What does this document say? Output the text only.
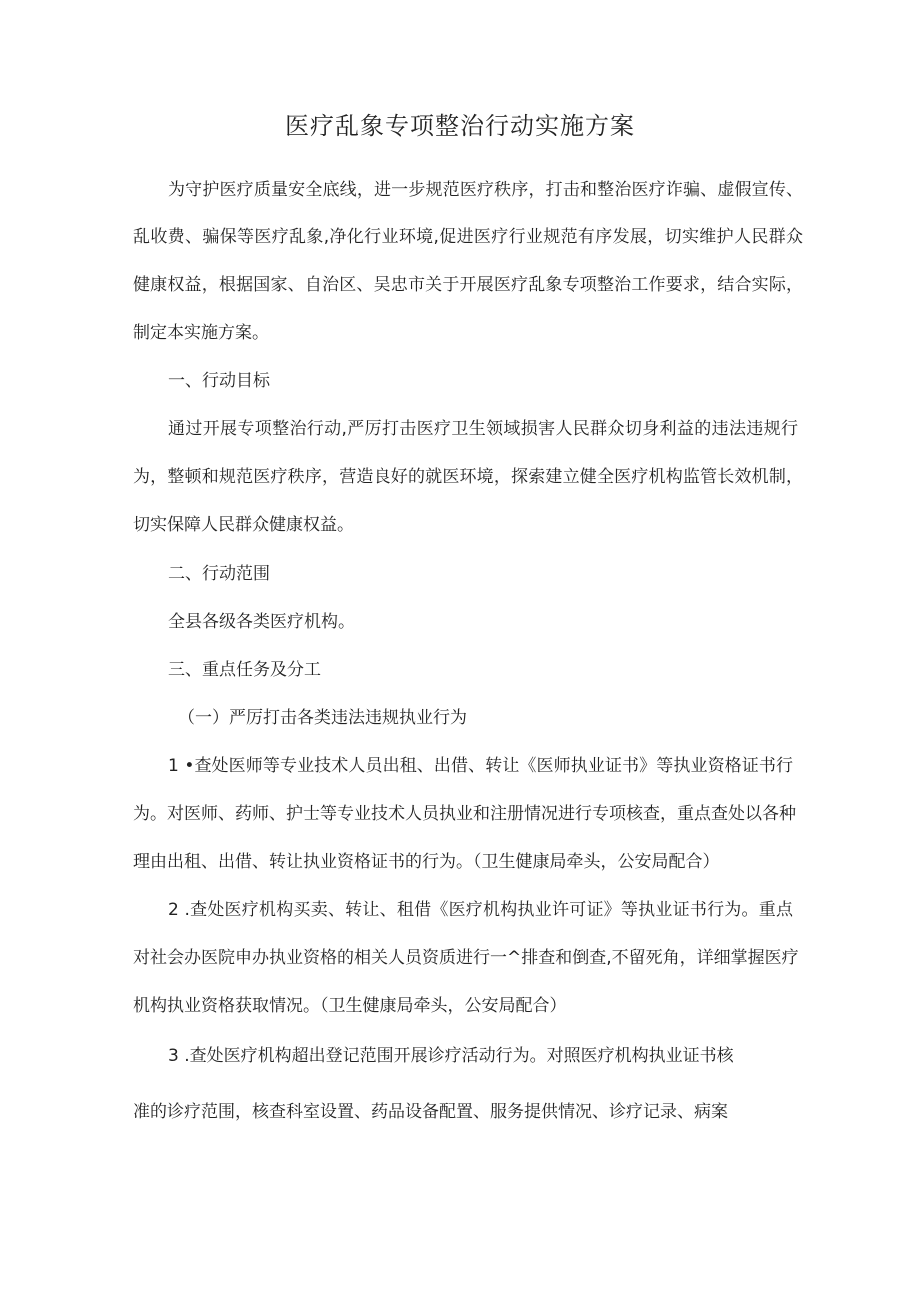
医疗乱象专项整治行动实施方案
为守护医疗质量安全底线，进一步规范医疗秩序，打击和整治医疗诈骗、虚假宣传、
乱收费、骗保等医疗乱象,净化行业环境,促进医疗行业规范有序发展，切实维护人民群众
健康权益，根据国家、自治区、吴忠市关于开展医疗乱象专项整治工作要求，结合实际，
制定本实施方案。
一、行动目标
通过开展专项整治行动,严厉打击医疗卫生领域损害人民群众切身利益的违法违规行
为，整顿和规范医疗秩序，营造良好的就医环境，探索建立健全医疗机构监管长效机制，
切实保障人民群众健康权益。
二、行动范围
全县各级各类医疗机构。
三、重点任务及分工
（一）严厉打击各类违法违规执业行为
1 •查处医师等专业技术人员出租、出借、转让《医师执业证书》等执业资格证书行
为。对医师、药师、护士等专业技术人员执业和注册情况进行专项核查，重点查处以各种
理由出租、出借、转让执业资格证书的行为。（卫生健康局牵头，公安局配合）
2 .查处医疗机构买卖、转让、租借《医疗机构执业许可证》等执业证书行为。重点
对社会办医院申办执业资格的相关人员资质进行一^排查和倒查,不留死角，详细掌握医疗
机构执业资格获取情况。（卫生健康局牵头，公安局配合）
3 .查处医疗机构超出登记范围开展诊疗活动行为。对照医疗机构执业证书核
准的诊疗范围，核查科室设置、药品设备配置、服务提供情况、诊疗记录、病案
